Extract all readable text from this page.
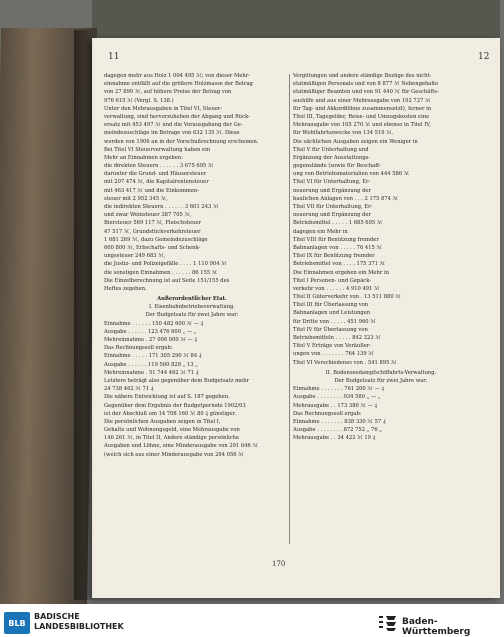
11	12
dagegen mehr aus Holz 1 004 495 ℳ; von dieser Mehr-
einnahme entfällt auf die größere Holzmasse der Betrag
von 27 899 ℳ, auf höhere Preise der Betrag von
976 615 ℳ (Vergl. S. 138.)
Unter den Mehrausgaben in Titel VI, Steuer-
verwaltung, sind hervorzuheben der Abgang und Rück-
ersatz mit 453 497 ℳ und die Vorausgabung der Ge-
meindezuschläge im Betrage von 632 135 ℳ. Diese
werden von 1906 an in der Vorschußrechnung erscheinen.
Bei Titel VI Steuerverwaltung haben ein
Mehr an Einnahmen ergeben:
die direkten Steuern . . . . . . 3 675 695 ℳ
darunter die Grund- und Häusersteuer
mit 207 474 ℳ, die Kapitalrentensteuer
mit 463 417 ℳ und die Einkommen-
steuer mit 2 952 345 ℳ,
die indirekten Steuern . . . . . . 3 601 243 ℳ
und zwar Weinsteuer 387 705 ℳ,
Biersteuer 569 117 ℳ, Fleischsteuer
47 517 ℳ, Grundstückverkehrsteuer
1 681 269 ℳ, dazu Gemeindezuschläge
660 800 ℳ, Erbschafts- und Schenk-
ungssteuer 249 683 ℳ,
die Justiz- und Polizeigefälle . . . . 1 110 904 ℳ
die sonstigen Einnahmen . . . . . . 86 155 ℳ
Die Einzelberechnung ist auf Seite 151/155 des
Heftes zegeben.
Außerordentlicher Etat.
I. Eisenbahnbetriebsverwaltung.
Der Budgetsatz für zwei Jahre war:
Einnahme . . . . . . 150 482 600 ℳ — ₰
Ausgabe . . . . . . 123 476 600 „ — „
Mehreinnahme . 27 006 000 ℳ — ₰
Das Rechnungssoll ergab:
Einnahme . . . . . 171 305 290 ℳ 84 ₰
Ausgabe . . . . . . 119 560 828 „ 13 „
Mehreinnahme . 51 744 462 ℳ 71 ₰
Letztere beträgt also gegenüber dem Budgetsatz mehr
24 738 462 ℳ 71 ₰
Die nähere Entwicklung ist auf S. 187 gegeben.
Gegenüber dem Ergebnis der Budgetperiode 1902/03
ist der Abschluß um 14 708 160 ℳ 80 ₰ günstiger.
Die persönlichen Ausgaben zeigen in Titel I,
Gehalte und Wohnungsgeld, eine Mehrausgabe von
146 261 ℳ, in Titel II, Andere ständige persönliche
Ausgaben und Löhne, eine Minderausgabe von 291 646 ℳ
(welch sich aus einer Minderausgabe von 294 056 ℳ
Vergütungen und andere ständige Bezüge des nicht-
etatmäßigen Personals und von 8 877 ℳ Nebengehalte
etatmäßiger Beamten und von 91 440 ℳ für Geschäfts-
aushilfe und aus einer Mehrausgabe von 102 727 ℳ
für Tag- und Akkordlöhne zusammensetzt), ferner in
Titel III, Tagegelder, Reise- und Umzugskosten eine
Mehrausgabe von 105 270 ℳ und ebenso in Titel IV,
für Wohlfahrtszwecke von 134 519 ℳ.
Die sächlichen Ausgaben zeigen ein Weniger in
Titel V für Unterhaltung und
Ergänzung der Ausstattungs-
gegenstände (sowie für Beschaff-
ung von Betriebsmaterialien von 444 586 ℳ
Titel VI für Unterhaltung, Er-
neuerung und Ergänzung der
baulichen Anlagen von . . . 2 175 874 ℳ
Titel VII für Unterhaltung, Er-
neuerung und Ergänzung der
Betriebsmittel . . . . . 1 685 695 ℳ
dagegen ein Mehr in
Titel VIII für Benützung fremder
Bahnanlagen von . . . . . 76 415 ℳ
Titel IX für Benützung fremder
Betriebsmittel von . . . . 175 371 ℳ
Die Einnahmen ergeben ein Mehr in
Titel I Personen- und Gepäck-
verkehr von . . . . . . 4 910 491 ℳ
Titel II Güterverkehr von . 13 511 880 ℳ
Titel III für Überlassung von
Bahnanlagen und Leistungen
für Dritte von . . . . . 451 960 ℳ
Titel IV für Überlassung von
Betriebsmitteln . . . . . 842 323 ℳ
Titel V Erträge von Veräußer-
ungen von . . . . . . . 764 139 ℳ
Titel VI Verschiedenes von . 541 895 ℳ
II. Bodenseedampfschiffahrts-Verwaltung.
Der Budgetsatz für zwei Jahre war:
Einnahme . . . . . . . 761 200 ℳ — ₰
Ausgabe . . . . . . . . 934 580 „ — „
Mehrausgabe . . 173 380 ℳ — ₰
Das Rechnungssoll ergab:
Einnahme . . . . . . . 838 330 ℳ 57 ₰
Ausgabe . . . . . . . . 872 752 „ 76 „
Mehrausgabe . . 34 422 ℳ 19 ₰
170
BLB
BADISCHE
LANDESBIBLIOTHEK	Baden-Württemberg
